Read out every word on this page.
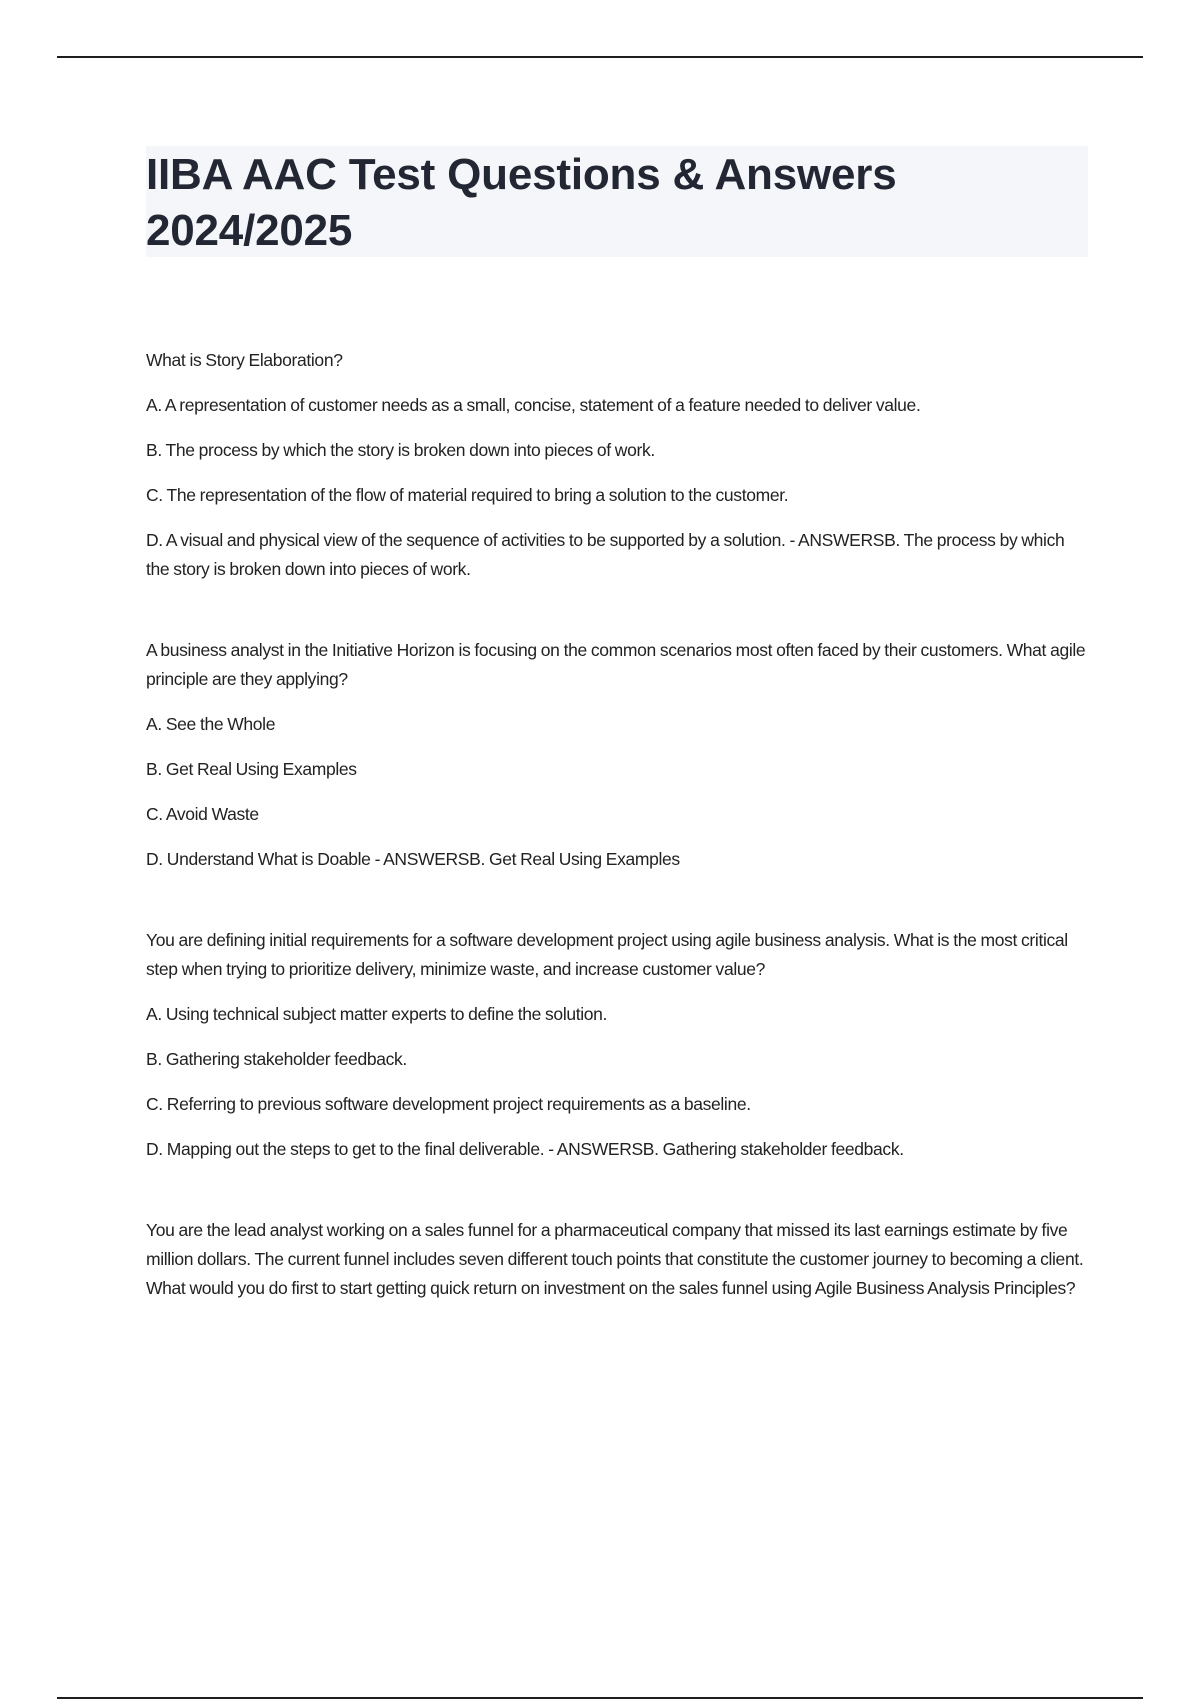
IIBA AAC Test Questions & Answers
2024/2025

What is Story Elaboration?

A. A representation of customer needs as a small, concise, statement of a feature needed to deliver value.

B. The process by which the story is broken down into pieces of work.

C. The representation of the flow of material required to bring a solution to the customer.

D. A visual and physical view of the sequence of activities to be supported by a solution. - ANSWERSB. The process by which the story is broken down into pieces of work.

A business analyst in the Initiative Horizon is focusing on the common scenarios most often faced by their customers. What agile principle are they applying?

A. See the Whole

B. Get Real Using Examples

C. Avoid Waste

D. Understand What is Doable - ANSWERSB. Get Real Using Examples

You are defining initial requirements for a software development project using agile business analysis. What is the most critical step when trying to prioritize delivery, minimize waste, and increase customer value?

A. Using technical subject matter experts to define the solution.

B. Gathering stakeholder feedback.

C. Referring to previous software development project requirements as a baseline.

D. Mapping out the steps to get to the final deliverable. - ANSWERSB. Gathering stakeholder feedback.

You are the lead analyst working on a sales funnel for a pharmaceutical company that missed its last earnings estimate by five million dollars. The current funnel includes seven different touch points that constitute the customer journey to becoming a client. What would you do first to start getting quick return on investment on the sales funnel using Agile Business Analysis Principles?
